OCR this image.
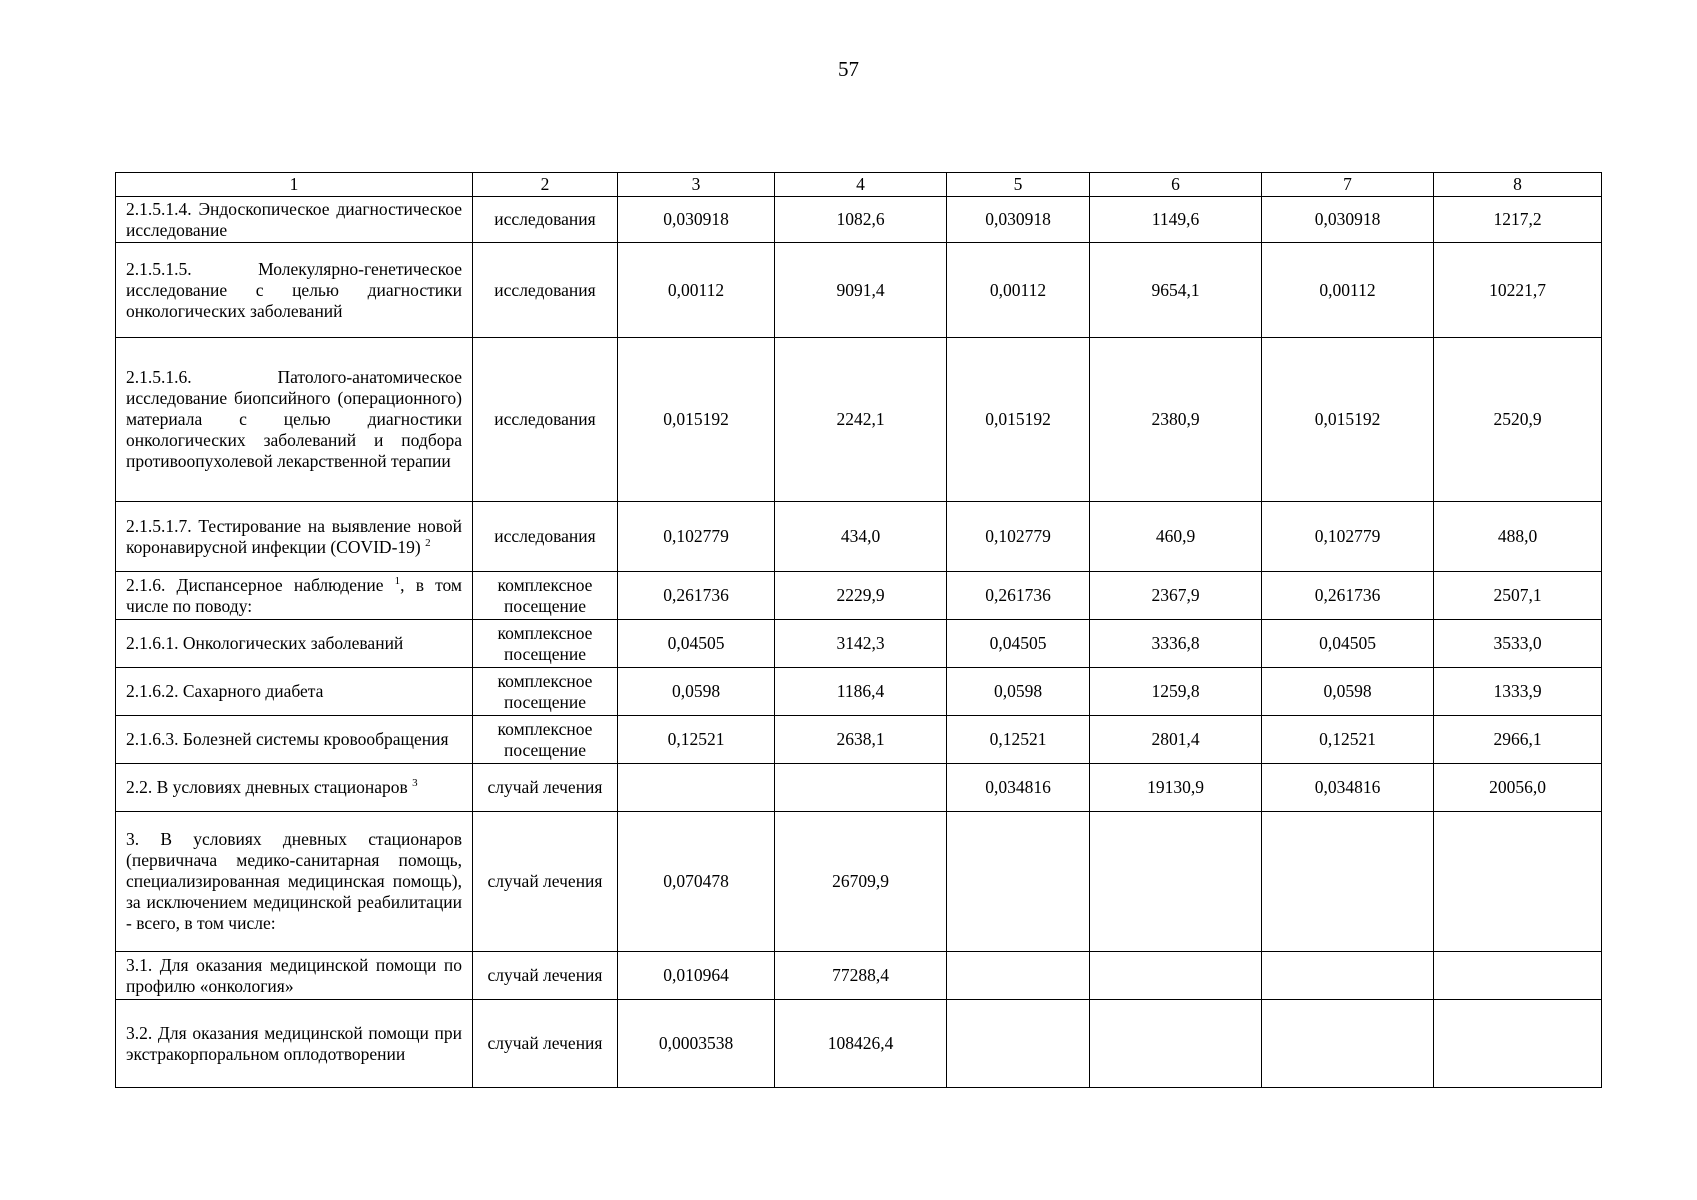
57
1	2	3	4	5	6	7	8
2.1.5.1.4. Эндоскопическое диагностическое исследование	исследования	0,030918	1082,6	0,030918	1149,6	0,030918	1217,2
2.1.5.1.5. Молекулярно-генетическое исследование с целью диагностики онкологических заболеваний	исследования	0,00112	9091,4	0,00112	9654,1	0,00112	10221,7
2.1.5.1.6. Патолого-анатомическое исследование биопсийного (операционного) материала с целью диагностики онкологических заболеваний и подбора противоопухолевой лекарственной терапии	исследования	0,015192	2242,1	0,015192	2380,9	0,015192	2520,9
2.1.5.1.7. Тестирование на выявление новой коронавирусной инфекции (COVID-19) $^2$	исследования	0,102779	434,0	0,102779	460,9	0,102779	488,0
2.1.6. Диспансерное наблюдение $^1$, в том числе по поводу:	комплексное посещение	0,261736	2229,9	0,261736	2367,9	0,261736	2507,1
2.1.6.1. Онкологических заболеваний	комплексное посещение	0,04505	3142,3	0,04505	3336,8	0,04505	3533,0
2.1.6.2. Сахарного диабета	комплексное посещение	0,0598	1186,4	0,0598	1259,8	0,0598	1333,9
2.1.6.3. Болезней системы кровообращения	комплексное посещение	0,12521	2638,1	0,12521	2801,4	0,12521	2966,1
2.2. В условиях дневных стационаров $^3$	случай лечения			0,034816	19130,9	0,034816	20056,0
3. В условиях дневных стационаров (первичнача медико-санитарная помощь, специализированная медицинская помощь), за исключением медицинской реабилитации - всего, в том числе:	случай лечения	0,070478	26709,9				
3.1. Для оказания медицинской помощи по профилю «онкология»	случай лечения	0,010964	77288,4				
3.2. Для оказания медицинской помощи при экстракорпоральном оплодотворении	случай лечения	0,0003538	108426,4				
